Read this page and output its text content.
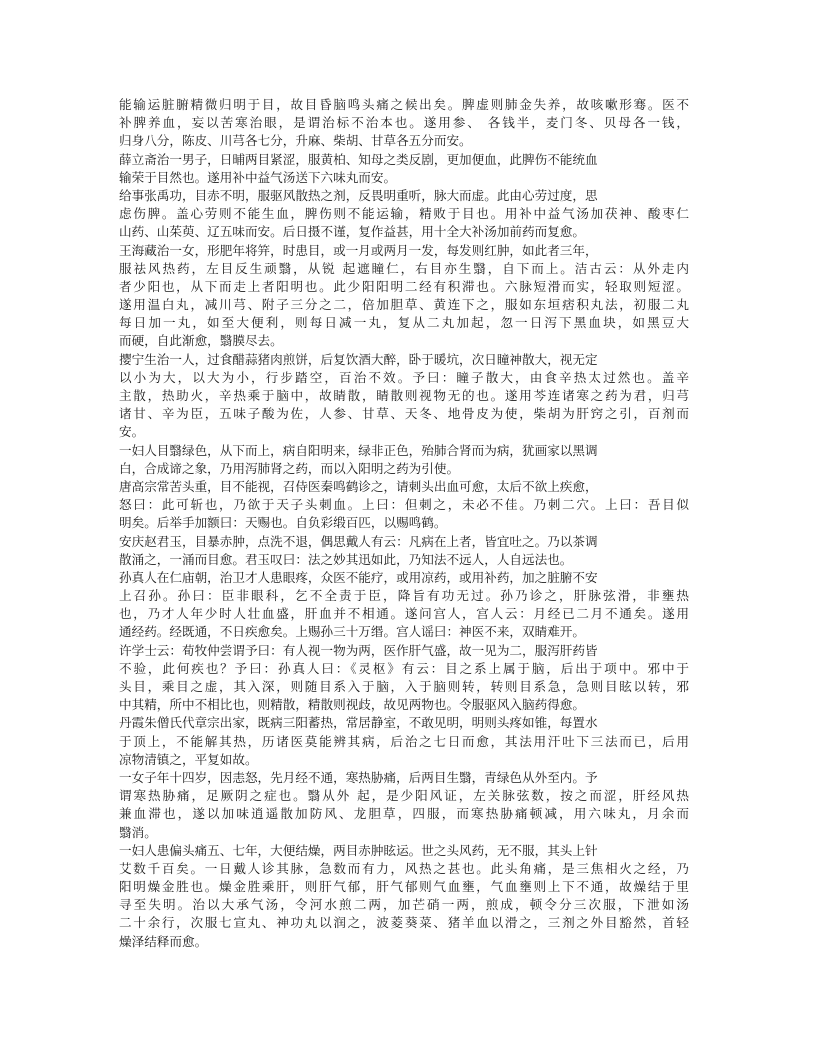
能输运脏腑精微归明于目，故目昏脑鸣头痛之候出矣。脾虚则肺金失养，故咳嗽形骞。医不
补脾养血，妄以苦寒治眼，是谓治标不治本也。遂用参、 各钱半，麦门冬、贝母各一钱，
归身八分，陈皮、川芎各七分，升麻、柴胡、甘草各五分而安。
薛立斋治一男子，日晡两目紧涩，服黄柏、知母之类反剧，更加便血，此脾伤不能统血
输荣于目然也。遂用补中益气汤送下六味丸而安。
给事张禹功，目赤不明，服驱风散热之剂，反畏明重听，脉大而虚。此由心劳过度，思
虑伤脾。盖心劳则不能生血，脾伤则不能运输，精败于目也。用补中益气汤加茯神、酸枣仁
山药、山茱萸、辽五味而安。后日摄不谨，复作益甚，用十全大补汤加前药而复愈。
王海藏治一女，形肥年将笄，时患目，或一月或两月一发，每发则红肿，如此者三年，
服祛风热药，左目反生顽翳，从锐 起遮瞳仁，右目亦生翳，自下而上。洁古云：从外走内
者少阳也，从下而走上者阳明也。此少阳阳明二经有积滞也。六脉短滑而实，轻取则短涩。
遂用温白丸，减川芎、附子三分之二，倍加胆草、黄连下之，服如东垣痞积丸法，初服二丸
每日加一丸，如至大便利，则每日减一丸，复从二丸加起，忽一日泻下黑血块，如黑豆大
而硬，自此渐愈，翳膜尽去。
撄宁生治一人，过食醋蒜猪肉煎饼，后复饮酒大醉，卧于暖坑，次日瞳神散大，视无定
以小为大，以大为小，行步踏空，百治不效。予曰：瞳子散大，由食辛热太过然也。盖辛
主散，热助火，辛热乘于脑中，故睛散，睛散则视物无的也。遂用芩连诸寒之药为君，归芎
诸甘、辛为臣，五味子酸为佐，人参、甘草、天冬、地骨皮为使，柴胡为肝窍之引，百剂而
安。
一妇人目翳绿色，从下而上，病自阳明来，绿非正色，殆肺合肾而为病，犹画家以黑调
白，合成谛之象，乃用泻肺肾之药，而以入阳明之药为引使。
唐高宗常苦头重，目不能视，召侍医秦鸣鹤诊之，请刺头出血可愈，太后不欲上疾愈，
怒曰：此可斩也，乃欲于天子头刺血。上曰：但刺之，未必不佳。乃刺二穴。上曰：吾目似
明矣。后举手加额曰：天赐也。自负彩缎百匹，以赐鸣鹤。
安庆赵君玉，目暴赤肿，点洗不退，偶思戴人有云：凡病在上者，皆宜吐之。乃以茶调
散涌之，一涌而目愈。君玉叹曰：法之妙其迅如此，乃知法不远人，人自远法也。
孙真人在仁庙朝，治卫才人患眼疼，众医不能疗，或用凉药，或用补药，加之脏腑不安
上召孙。孙曰：臣非眼科，乞不全责于臣，降旨有功无过。孙乃诊之，肝脉弦滑，非壅热
也，乃才人年少时人壮血盛，肝血并不相通。遂问宫人，宫人云：月经已二月不通矣。遂用
通经药。经既通，不日疾愈矣。上赐孙三十万缗。宫人谣曰：神医不来，双睛难开。
许学士云：荀牧仲尝谓予曰：有人视一物为两，医作肝气盛，故一见为二，服泻肝药皆
不验，此何疾也？予曰：孙真人曰：《灵枢》有云：目之系上属于脑，后出于项中。邪中于
头目，乘目之虚，其入深，则随目系入于脑，入于脑则转，转则目系急，急则目眩以转，邪
中其精，所中不相比也，则精散，精散则视歧，故见两物也。令服驱风入脑药得愈。
丹霞朱僧氏代章宗出家，既病三阳蓄热，常居静室，不敢见明，明则头疼如锥，每置水
于顶上，不能解其热，历诸医莫能辨其病，后治之七日而愈，其法用汗吐下三法而已，后用
凉物清镇之，平复如故。
一女子年十四岁，因恚怒，先月经不通，寒热胁痛，后两目生翳，青绿色从外至内。予
谓寒热胁痛，足厥阴之症也。翳从外 起，是少阳风证，左关脉弦数，按之而涩，肝经风热
兼血滞也，遂以加味逍遥散加防风、龙胆草，四服，而寒热胁痛顿减，用六味丸，月余而
翳消。
一妇人患偏头痛五、七年，大便结燥，两目赤肿眩运。世之头风药，无不服，其头上针
艾数千百矣。一日戴人诊其脉，急数而有力，风热之甚也。此头角痛，是三焦相火之经，乃
阳明燥金胜也。燥金胜乘肝，则肝气郁，肝气郁则气血壅，气血壅则上下不通，故燥结于里
寻至失明。治以大承气汤，令河水煎二两，加芒硝一两，煎成，顿令分三次服，下泄如汤
二十余行，次服七宣丸、神功丸以润之，波菱葵菜、猪羊血以滑之，三剂之外目豁然，首轻
燥泽结释而愈。
